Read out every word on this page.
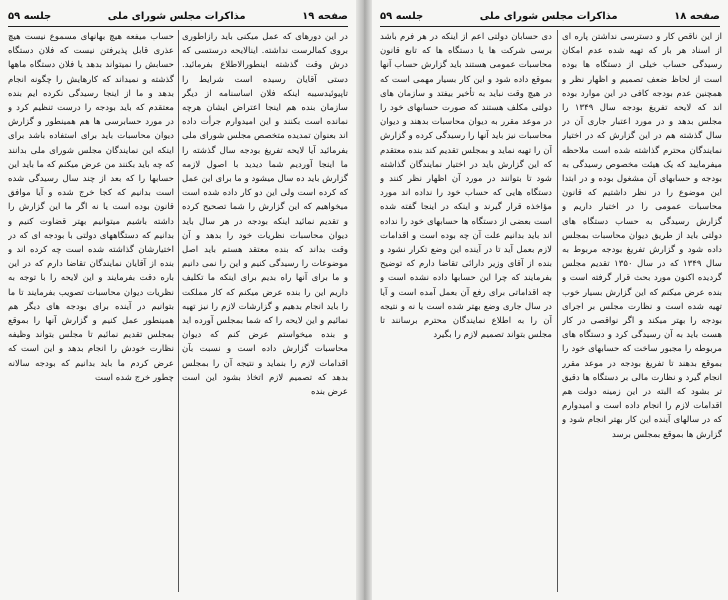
جلسه ۵۹	مذاکرات مجلس شورای ملی	صفحه ۱۹

در این دورهای که عمل میکنی باید رازاطوری بروی کمالرست نداشته. اینالایحه درستسی که درش وقت گذشته اینطورالاطلاع بفرمائید. دستی آقایان رسیده است شرایط را تاپیوئیدسیبه اینکه فلان اساسنامه از دیگر سازمان بنده هم اینجا اعتراض ایشان هرچه نمانده است بکنند و این امیدوارم جرأت داده اند بعنوان تمدیده متخصص مجلس شورای ملی بفرمائید آیا لایحه تفریغ بودجه سال گذشته را ما اینجا آوردیم شما دیدید با اصول لازمه گزارش باید ده سال میشود و ما برای این عمل که کرده است ولی این دو کار داده شده است میخواهیم که این گزارش را شما تصحیح کرده و تقدیم نمائید اینکه بودجه در هر سال باید دیوان محاسبات نظریات خود را بدهد و آن وقت بداند که بنده معتقد هستم باید اصل موضوعات را رسیدگی کنیم و این را نمی دانیم و ما برای آنها راه بدیم برای اینکه ما تکلیف داریم این را بنده عرض میکنم که کار مملکت را باید انجام بدهیم و گزارشات لازم را نیز تهیه نمائیم و این لایحه را که شما بمجلس آورده اید و بنده میخواستم عرض کنم که دیوان محاسبات گزارش داده است و نسبت بآن اقدامات لازم را بنماید و نتیجه آن را بمجلس بدهد که تصمیم لازم اتخاذ بشود این است عرض بنده

حساب میفعه هیچ بهانهای مسموع نیست هیچ عذری قابل پذیرفتن نیست که فلان دستگاه حسابش را نمیتواند بدهد یا فلان دستگاه ماهها گذشته و نمیداند که کارهایش را چگونه انجام بدهد و ما از اینجا رسیدگی نکرده ایم بنده معتقدم که باید بودجه را درست تنظیم کرد و در مورد حسابرسی ها هم همینطور و گزارش دیوان محاسبات باید برای استفاده باشد برای اینکه این نمایندگان مجلس شورای ملی بدانند که چه باید بکنند من عرض میکنم که ما باید این حسابها را که بعد از چند سال رسیدگی شده است بدانیم که کجا خرج شده و آیا موافق قانون بوده است یا نه اگر ما این گزارش را داشته باشیم میتوانیم بهتر قضاوت کنیم و بدانیم که دستگاههای دولتی با بودجه ای که در اختیارشان گذاشته شده است چه کرده اند و بنده از آقایان نمایندگان تقاضا دارم که در این باره دقت بفرمایند و این لایحه را با توجه به نظریات دیوان محاسبات تصویب بفرمایند تا ما بتوانیم در آینده برای بودجه های دیگر هم همینطور عمل کنیم و گزارش آنها را بموقع بمجلس تقدیم نمائیم تا مجلس بتواند وظیفه نظارت خودش را انجام بدهد و این است که عرض کردم ما باید بدانیم که بودجه سالانه چطور خرج شده است

جلسه ۵۹	مذاکرات مجلس شورای ملی	صفحه ۱۸

از این ناقص کار و دسترسی نداشتن پاره ای از اسناد هر بار که تهیه شده عدم امکان رسیدگی حساب خیلی از دستگاه ها بوده است از لحاظ ضعف تصمیم و اظهار نظر و همچنین عدم بودجه کافی در این موارد بوده اند که لایحه تفریغ بودجه سال ۱۳۴۹ را مجلس بدهد و در مورد اعتبار جاری آن در سال گذشته هم در این گزارش که در اختیار نمایندگان محترم گذاشته شده است ملاحظه میفرمایید که یک هیئت مخصوص رسیدگی به بودجه و حسابهای آن مشغول بوده و در ابتدا این موضوع را در نظر داشتیم که قانون محاسبات عمومی را در اختیار داریم و گزارش رسیدگی به حساب دستگاه های دولتی باید از طریق دیوان محاسبات بمجلس داده شود و گزارش تفریغ بودجه مربوط به سال ۱۳۴۹ که در سال ۱۳۵۰ تقدیم مجلس گردیده اکنون مورد بحث قرار گرفته است و بنده عرض میکنم که این گزارش بسیار خوب تهیه شده است و نظارت مجلس بر اجرای بودجه را بهتر میکند و اگر نواقصی در کار هست باید به آن رسیدگی کرد و دستگاه های مربوطه را مجبور ساخت که حسابهای خود را بموقع بدهند تا تفریغ بودجه در موعد مقرر انجام گیرد و نظارت مالی بر دستگاه ها دقیق تر بشود که البته در این زمینه دولت هم اقدامات لازم را انجام داده است و امیدوارم که در سالهای آینده این کار بهتر انجام شود و گزارش ها بموقع بمجلس برسد

دی حسابان دولتی اعم از اینکه در هر فرم باشد برسی شرکت ها یا دستگاه ها که تابع قانون محاسبات عمومی هستند باید گزارش حساب آنها بموقع داده شود و این کار بسیار مهمی است که در هیچ وقت نباید به تأخیر بیفتد و سازمان های دولتی مکلف هستند که صورت حسابهای خود را در موعد مقرر به دیوان محاسبات بدهند و دیوان محاسبات نیز باید آنها را رسیدگی کرده و گزارش آن را تهیه نماید و بمجلس تقدیم کند بنده معتقدم که این گزارش باید در اختیار نمایندگان گذاشته شود تا بتوانند در مورد آن اظهار نظر کنند و دستگاه هایی که حساب خود را نداده اند مورد مؤاخذه قرار گیرند و اینکه در اینجا گفته شده است بعضی از دستگاه ها حسابهای خود را نداده اند باید بدانیم علت آن چه بوده است و اقدامات لازم بعمل آید تا در آینده این وضع تکرار نشود و بنده از آقای وزیر دارائی تقاضا دارم که توضیح بفرمایند که چرا این حسابها داده نشده است و چه اقداماتی برای رفع آن بعمل آمده است و آیا در سال جاری وضع بهتر شده است یا نه و نتیجه آن را به اطلاع نمایندگان محترم برسانند تا مجلس بتواند تصمیم لازم را بگیرد
